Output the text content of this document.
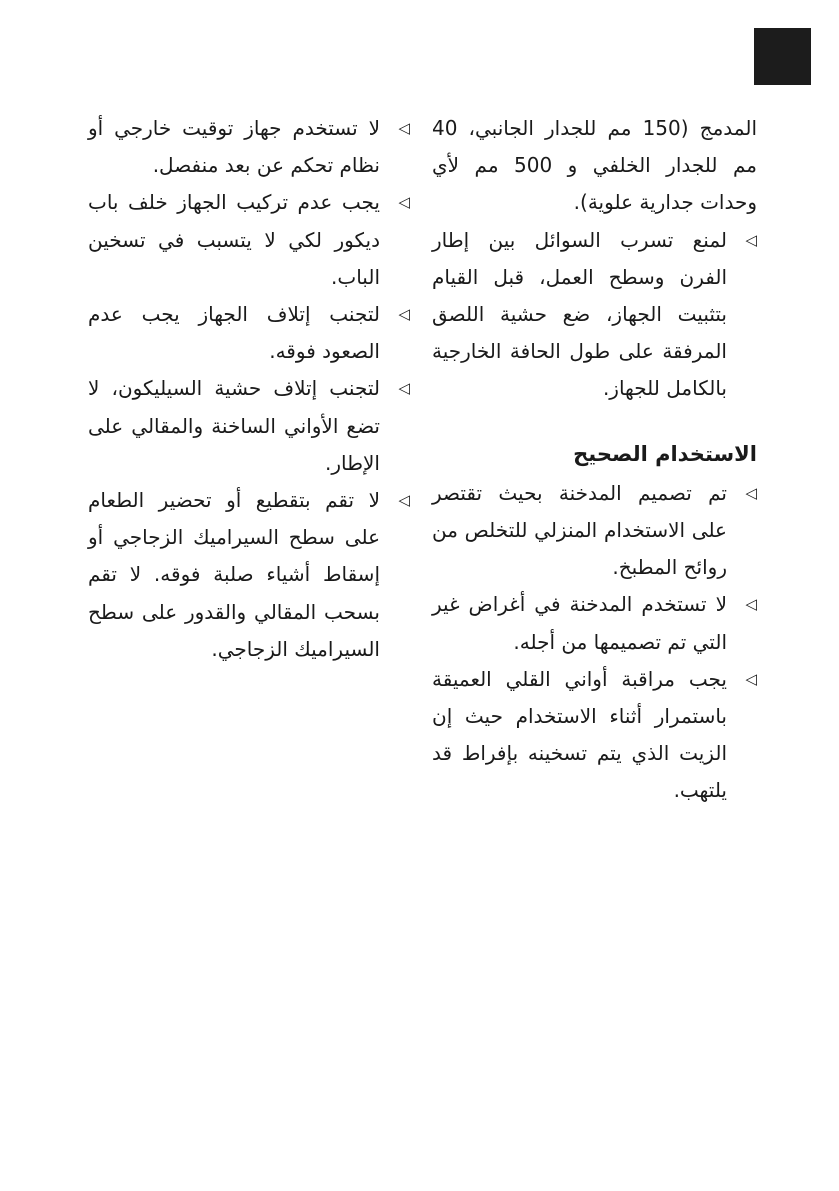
المدمج (150 مم للجدار الجانبي، 40 مم للجدار الخلفي و 500 مم لأي وحدات جدارية علوية).

◁
لمنع تسرب السوائل بين إطار الفرن وسطح العمل، قبل القيام بتثبيت الجهاز، ضع حشية اللصق المرفقة على طول الحافة الخارجية بالكامل للجهاز.
الاستخدام الصحيح
◁
تم تصميم المدخنة بحيث تقتصر على الاستخدام المنزلي للتخلص من روائح المطبخ.
◁
لا تستخدم المدخنة في أغراض غير التي تم تصميمها من أجله.
◁
يجب مراقبة أواني القلي العميقة باستمرار أثناء الاستخدام حيث إن الزيت الذي يتم تسخينه بإفراط قد يلتهب.
◁
لا تستخدم جهاز توقيت خارجي أو نظام تحكم عن بعد منفصل.
◁
يجب عدم تركيب الجهاز خلف باب ديكور لكي لا يتسبب في تسخين الباب.
◁
لتجنب إتلاف الجهاز يجب عدم الصعود فوقه.
◁
لتجنب إتلاف حشية السيليكون، لا تضع الأواني الساخنة والمقالي على الإطار.
◁
لا تقم بتقطيع أو تحضير الطعام على سطح السيراميك الزجاجي أو إسقاط أشياء صلبة فوقه. لا تقم بسحب المقالي والقدور على سطح السيراميك الزجاجي.
